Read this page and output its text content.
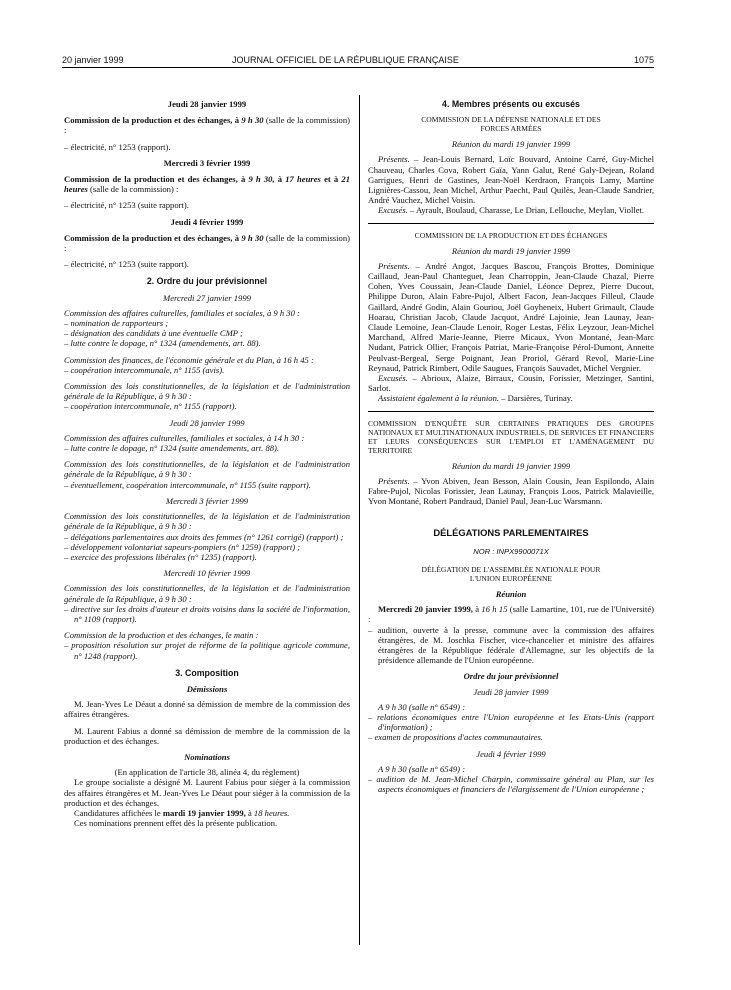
20 janvier 1999	JOURNAL OFFICIEL DE LA RÉPUBLIQUE FRANÇAISE	1075
Jeudi 28 janvier 1999

Commission de la production et des échanges, à 9 h 30 (salle de la commission) :

– électricité, n° 1253 (rapport).
Mercredi 3 février 1999

Commission de la production et des échanges, à 9 h 30, à 17 heures et à 21 heures (salle de la commission) :

– électricité, n° 1253 (suite rapport).
Jeudi 4 février 1999

Commission de la production et des échanges, à 9 h 30 (salle de la commission) :

– électricité, n° 1253 (suite rapport).
2. Ordre du jour prévisionnel
Mercredi 27 janvier 1999

Commission des affaires culturelles, familiales et sociales, à 9 h 30 :

– nomination de rapporteurs ;
– désignation des candidats à une éventuelle CMP ;
– lutte contre le dopage, n° 1324 (amendements, art. 88).

Commission des finances, de l'économie générale et du Plan, à 16 h 45 :

– coopération intercommunale, n° 1155 (avis).

Commission des lois constitutionnelles, de la législation et de l'administration générale de la République, à 9 h 30 :

– coopération intercommunale, n° 1155 (rapport).
Jeudi 28 janvier 1999

Commission des affaires culturelles, familiales et sociales, à 14 h 30 :

– lutte contre le dopage, n° 1324 (suite amendements, art. 88).

Commission des lois constitutionnelles, de la législation et de l'administration générale de la République, à 9 h 30 :

– éventuellement, coopération intercommunale, n° 1155 (suite rapport).
Mercredi 3 février 1999

Commission des lois constitutionnelles, de la législation et de l'administration générale de la République, à 9 h 30 :

– délégations parlementaires aux droits des femmes (n° 1261 corrigé) (rapport) ;
– développement volontariat sapeurs-pompiers (n° 1259) (rapport) ;
– exercice des professions libérales (n° 1235) (rapport).
Mercredi 10 février 1999

Commission des lois constitutionnelles, de la législation et de l'administration générale de la République, à 9 h 30 :

– directive sur les droits d'auteur et droits voisins dans la société de l'information, n° 1109 (rapport).

Commission de la production et des échanges, le matin :

– proposition résolution sur projet de réforme de la politique agricole commune, n° 1248 (rapport).
3. Composition
Démissions

M. Jean-Yves Le Déaut a donné sa démission de membre de la commission des affaires étrangères.

M. Laurent Fabius a donné sa démission de membre de la commission de la production et des échanges.

Nominations

(En application de l'article 38, alinéa 4, du règlement)

Le groupe socialiste a désigné M. Laurent Fabius pour siéger à la commission des affaires étrangères et M. Jean-Yves Le Déaut pour siéger à la commission de la production et des échanges.

Candidatures affichées le mardi 19 janvier 1999, à 18 heures.

Ces nominations prennent effet dès la présente publication.

4. Membres présents ou excusés
COMMISSION DE LA DÉFENSE NATIONALE ET DES FORCES ARMÉES
Réunion du mardi 19 janvier 1999

Présents. – Jean-Louis Bernard, Loïc Bouvard, Antoine Carré, Guy-Michel Chauveau, Charles Cova, Robert Gaïa, Yann Galut, René Galy-Dejean, Roland Garrigues, Henri de Gastines, Jean-Noël Kerdraon, François Lamy, Martine Lignières-Cassou, Jean Michel, Arthur Paecht, Paul Quilès, Jean-Claude Sandrier, André Vauchez, Michel Voisin.

Excusés. – Ayrault, Boulaud, Charasse, Le Drian, Lellouche, Meylan, Viollet.

COMMISSION DE LA PRODUCTION ET DES ÉCHANGES
Réunion du mardi 19 janvier 1999

Présents. – André Angot, Jacques Bascou, François Brottes, Dominique Caillaud, Jean-Paul Chanteguet, Jean Charroppin, Jean-Claude Chazal, Pierre Cohen, Yves Coussain, Jean-Claude Daniel, Léonce Deprez, Pierre Ducout, Philippe Duron, Alain Fabre-Pujol, Albert Facon, Jean-Jacques Filleul, Claude Gaillard, André Godin, Alain Gouriou, Joël Goyheneix, Hubert Grimault, Claude Hoarau, Christian Jacob, Claude Jacquot, André Lajoinie, Jean Launay, Jean-Claude Lemoine, Jean-Claude Lenoir, Roger Lestas, Félix Leyzour, Jean-Michel Marchand, Alfred Marie-Jeanne, Pierre Micaux, Yvon Montané, Jean-Marc Nudant, Patrick Ollier, François Patriat, Marie-Françoise Pérol-Dumont, Annette Peulvast-Bergeal, Serge Poignant, Jean Proriol, Gérard Revol, Marie-Line Reynaud, Patrick Rimbert, Odile Saugues, François Sauvadet, Michel Vergnier.

Excusés. – Abrioux, Alaize, Birraux, Cousin, Forissier, Metzinger, Santini, Sarlot.

Assistaient également à la réunion. – Darsières, Turinay.

COMMISSION D'ENQUÊTE SUR CERTAINES PRATIQUES DES GROUPES NATIONAUX ET MULTINATIONAUX INDUSTRIELS, DE SERVICES ET FINANCIERS ET LEURS CONSÉQUENCES SUR L'EMPLOI ET L'AMÉNAGEMENT DU TERRITOIRE
Réunion du mardi 19 janvier 1999

Présents. – Yvon Abiven, Jean Besson, Alain Cousin, Jean Espilondo, Alain Fabre-Pujol, Nicolas Forissier, Jean Launay, François Loos, Patrick Malavieille, Yvon Montané, Robert Pandraud, Daniel Paul, Jean-Luc Warsmann.

DÉLÉGATIONS PARLEMENTAIRES
NOR : INPX9900071X
DÉLÉGATION DE L'ASSEMBLÉE NATIONALE POUR L'UNION EUROPÉENNE
Réunion

Mercredi 20 janvier 1999, à 16 h 15 (salle Lamartine, 101, rue de l'Université) :

– audition, ouverte à la presse, commune avec la commission des affaires étrangères, de M. Joschka Fischer, vice-chancelier et ministre des affaires étrangères de la République fédérale d'Allemagne, sur les objectifs de la présidence allemande de l'Union européenne.
Ordre du jour prévisionnel
Jeudi 28 janvier 1999

A 9 h 30 (salle n° 6549) :

– relations économiques entre l'Union européenne et les Etats-Unis (rapport d'information) ;
– examen de propositions d'actes communautaires.
Jeudi 4 février 1999

A 9 h 30 (salle n° 6549) :

– audition de M. Jean-Michel Charpin, commissaire général au Plan, sur les aspects économiques et financiers de l'élargissement de l'Union européenne ;
